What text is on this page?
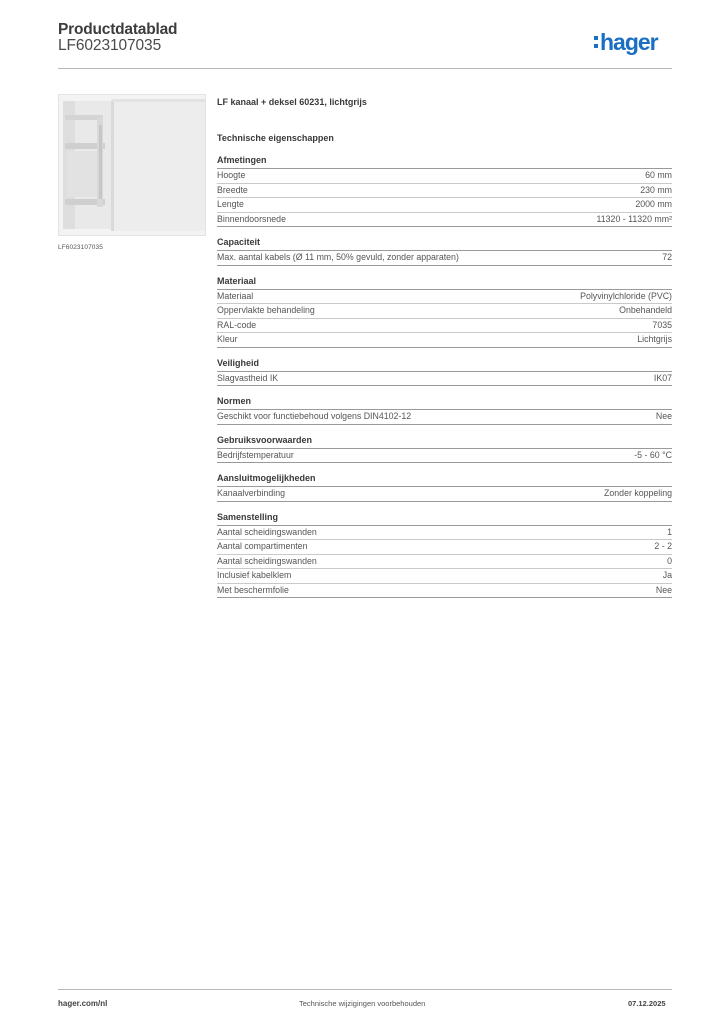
Productdatablad
LF6023107035	hager
LF6023107035
LF kanaal + deksel 60231, lichtgrijs
Technische eigenschappen
Afmetingen
Hoogte	60 mm
Breedte	230 mm
Lengte	2000 mm
Binnendoorsnede	11320 - 11320 mm²
Capaciteit
Max. aantal kabels (Ø 11 mm, 50% gevuld, zonder apparaten)	72
Materiaal
Materiaal	Polyvinylchloride (PVC)
Oppervlakte behandeling	Onbehandeld
RAL-code	7035
Kleur	Lichtgrijs
Veiligheid
Slagvastheid IK	IK07
Normen
Geschikt voor functiebehoud volgens DIN4102-12	Nee
Gebruiksvoorwaarden
Bedrijfstemperatuur	-5 - 60 °C
Aansluitmogelijkheden
Kanaalverbinding	Zonder koppeling
Samenstelling
Aantal scheidingswanden	1
Aantal compartimenten	2 - 2
Aantal scheidingswanden	0
Inclusief kabelklem	Ja
Met beschermfolie	Nee
hager.com/nl	Technische wijzigingen voorbehouden	07.12.2025
